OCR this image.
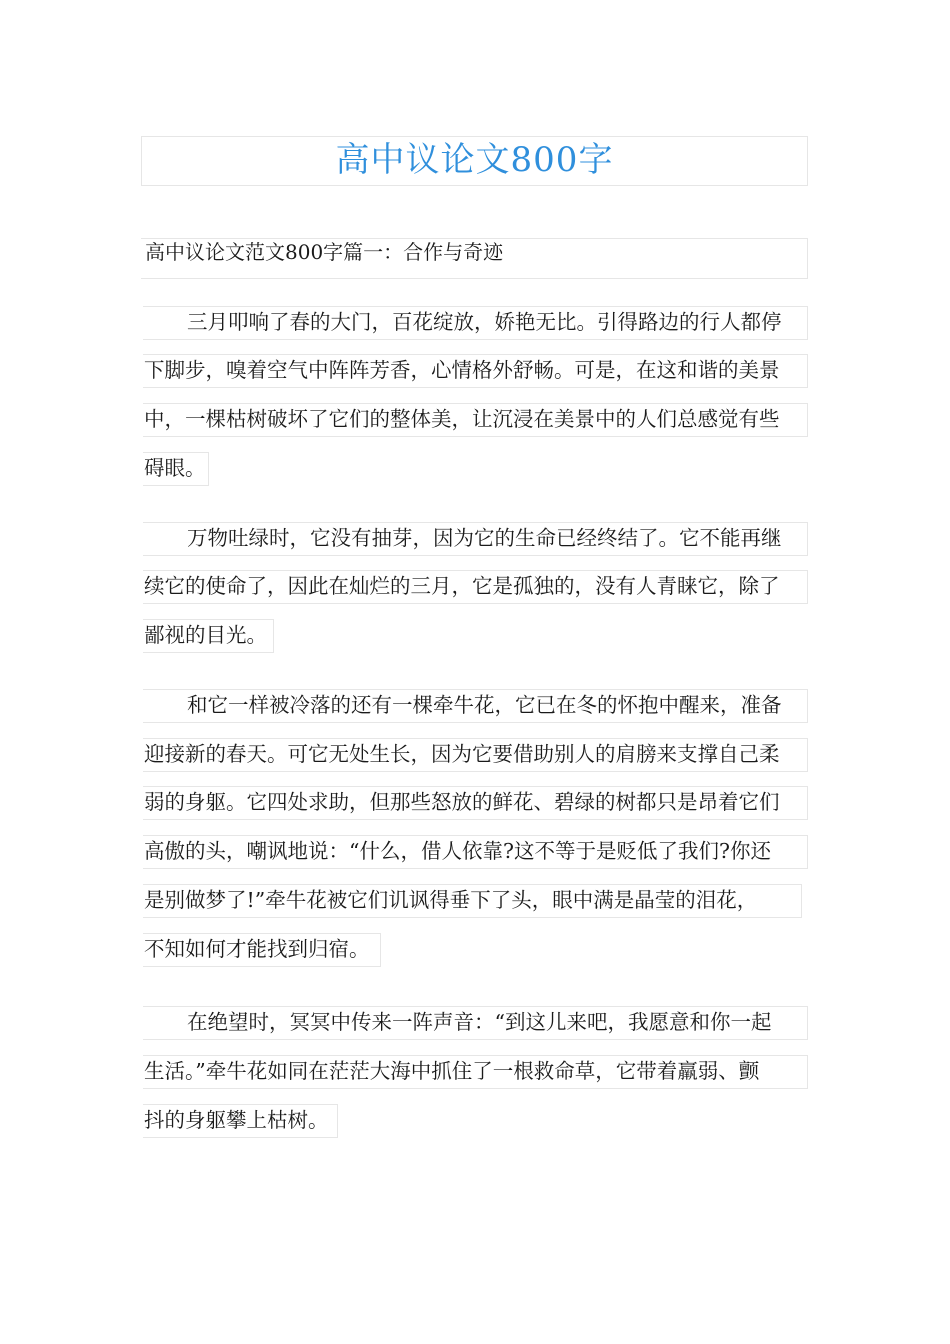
高中议论文800字
高中议论文范文800字篇一：合作与奇迹
三月叩响了春的大门，百花绽放，娇艳无比。引得路边的行人都停
下脚步，嗅着空气中阵阵芳香，心情格外舒畅。可是，在这和谐的美景
中，一棵枯树破坏了它们的整体美，让沉浸在美景中的人们总感觉有些
碍眼。
万物吐绿时，它没有抽芽，因为它的生命已经终结了。它不能再继
续它的使命了，因此在灿烂的三月，它是孤独的，没有人青睐它，除了
鄙视的目光。
和它一样被冷落的还有一棵牵牛花，它已在冬的怀抱中醒来，准备
迎接新的春天。可它无处生长，因为它要借助别人的肩膀来支撑自己柔
弱的身躯。它四处求助，但那些怒放的鲜花、碧绿的树都只是昂着它们
高傲的头，嘲讽地说：“什么，借人依靠?这不等于是贬低了我们?你还
是别做梦了!”牵牛花被它们讥讽得垂下了头，眼中满是晶莹的泪花，
不知如何才能找到归宿。
在绝望时，冥冥中传来一阵声音：“到这儿来吧，我愿意和你一起
生活。”牵牛花如同在茫茫大海中抓住了一根救命草，它带着羸弱、颤
抖的身躯攀上枯树。
